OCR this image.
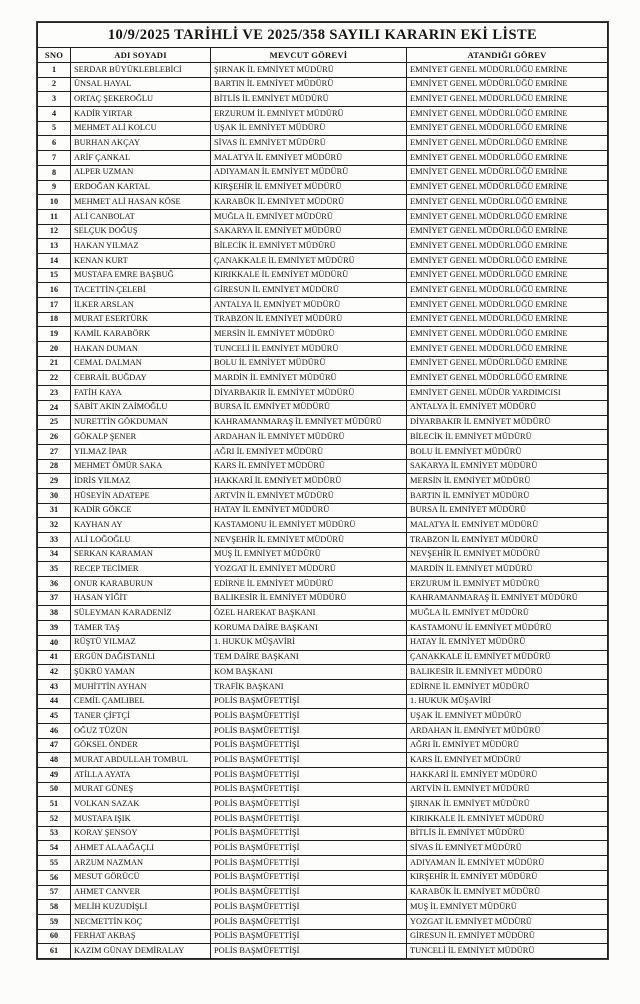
10/9/2025 TARİHLİ VE 2025/358 SAYILI KARARIN EKİ LİSTE			
SNO	ADI SOYADI	MEVCUT GÖREVİ	ATANDIĞI GÖREV
1	SERDAR BÜYÜKLEBLEBİCİ	ŞIRNAK İL EMNİYET MÜDÜRÜ	EMNİYET GENEL MÜDÜRLÜĞÜ EMRİNE
2	ÜNSAL HAYAL	BARTIN İL EMNİYET MÜDÜRÜ	EMNİYET GENEL MÜDÜRLÜĞÜ EMRİNE
3	ORTAÇ ŞEKEROĞLU	BİTLİS İL EMNİYET MÜDÜRÜ	EMNİYET GENEL MÜDÜRLÜĞÜ EMRİNE
4	KADİR YIRTAR	ERZURUM İL EMNİYET MÜDÜRÜ	EMNİYET GENEL MÜDÜRLÜĞÜ EMRİNE
5	MEHMET ALİ KOLCU	UŞAK İL EMNİYET MÜDÜRÜ	EMNİYET GENEL MÜDÜRLÜĞÜ EMRİNE
6	BURHAN AKÇAY	SİVAS İL EMNİYET MÜDÜRÜ	EMNİYET GENEL MÜDÜRLÜĞÜ EMRİNE
7	ARİF ÇANKAL	MALATYA İL EMNİYET MÜDÜRÜ	EMNİYET GENEL MÜDÜRLÜĞÜ EMRİNE
8	ALPER UZMAN	ADIYAMAN İL EMNİYET MÜDÜRÜ	EMNİYET GENEL MÜDÜRLÜĞÜ EMRİNE
9	ERDOĞAN KARTAL	KIRŞEHİR İL EMNİYET MÜDÜRÜ	EMNİYET GENEL MÜDÜRLÜĞÜ EMRİNE
10	MEHMET ALİ HASAN KÖSE	KARABÜK İL EMNİYET MÜDÜRÜ	EMNİYET GENEL MÜDÜRLÜĞÜ EMRİNE
11	ALİ CANBOLAT	MUĞLA İL EMNİYET MÜDÜRÜ	EMNİYET GENEL MÜDÜRLÜĞÜ EMRİNE
12	SELÇUK DOĞUŞ	SAKARYA İL EMNİYET MÜDÜRÜ	EMNİYET GENEL MÜDÜRLÜĞÜ EMRİNE
13	HAKAN YILMAZ	BİLECİK İL EMNİYET MÜDÜRÜ	EMNİYET GENEL MÜDÜRLÜĞÜ EMRİNE
14	KENAN KURT	ÇANAKKALE İL EMNİYET MÜDÜRÜ	EMNİYET GENEL MÜDÜRLÜĞÜ EMRİNE
15	MUSTAFA EMRE BAŞBUĞ	KIRIKKALE İL EMNİYET MÜDÜRÜ	EMNİYET GENEL MÜDÜRLÜĞÜ EMRİNE
16	TACETTİN ÇELEBİ	GİRESUN İL EMNİYET MÜDÜRÜ	EMNİYET GENEL MÜDÜRLÜĞÜ EMRİNE
17	İLKER ARSLAN	ANTALYA İL EMNİYET MÜDÜRÜ	EMNİYET GENEL MÜDÜRLÜĞÜ EMRİNE
18	MURAT ESERTÜRK	TRABZON İL EMNİYET MÜDÜRÜ	EMNİYET GENEL MÜDÜRLÜĞÜ EMRİNE
19	KAMİL KARABÖRK	MERSİN İL EMNİYET MÜDÜRÜ	EMNİYET GENEL MÜDÜRLÜĞÜ EMRİNE
20	HAKAN DUMAN	TUNCELİ İL EMNİYET MÜDÜRÜ	EMNİYET GENEL MÜDÜRLÜĞÜ EMRİNE
21	CEMAL DALMAN	BOLU İL EMNİYET MÜDÜRÜ	EMNİYET GENEL MÜDÜRLÜĞÜ EMRİNE
22	CEBRAİL BUĞDAY	MARDİN İL EMNİYET MÜDÜRÜ	EMNİYET GENEL MÜDÜRLÜĞÜ EMRİNE
23	FATİH KAYA	DİYARBAKIR İL EMNİYET MÜDÜRÜ	EMNİYET GENEL MÜDÜR YARDIMCISI
24	SABİT AKIN ZAİMOĞLU	BURSA İL EMNİYET MÜDÜRÜ	ANTALYA İL EMNİYET MÜDÜRÜ
25	NURETTİN GÖKDUMAN	KAHRAMANMARAŞ İL EMNİYET MÜDÜRÜ	DİYARBAKIR İL EMNİYET MÜDÜRÜ
26	GÖKALP ŞENER	ARDAHAN İL EMNİYET MÜDÜRÜ	BİLECİK İL EMNİYET MÜDÜRÜ
27	YILMAZ İPAR	AĞRI İL EMNİYET MÜDÜRÜ	BOLU İL EMNİYET MÜDÜRÜ
28	MEHMET ÖMÜR SAKA	KARS İL EMNİYET MÜDÜRÜ	SAKARYA İL EMNİYET MÜDÜRÜ
29	İDRİS YILMAZ	HAKKARİ İL EMNİYET MÜDÜRÜ	MERSİN İL EMNİYET MÜDÜRÜ
30	HÜSEYİN ADATEPE	ARTVİN İL EMNİYET MÜDÜRÜ	BARTIN İL EMNİYET MÜDÜRÜ
31	KADİR GÖKCE	HATAY İL EMNİYET MÜDÜRÜ	BURSA İL EMNİYET MÜDÜRÜ
32	KAYHAN AY	KASTAMONU İL EMNİYET MÜDÜRÜ	MALATYA İL EMNİYET MÜDÜRÜ
33	ALİ LOĞOĞLU	NEVŞEHİR İL EMNİYET MÜDÜRÜ	TRABZON İL EMNİYET MÜDÜRÜ
34	SERKAN KARAMAN	MUŞ İL EMNİYET MÜDÜRÜ	NEVŞEHİR İL EMNİYET MÜDÜRÜ
35	RECEP TECİMER	YOZGAT İL EMNİYET MÜDÜRÜ	MARDİN İL EMNİYET MÜDÜRÜ
36	ONUR KARABURUN	EDİRNE İL EMNİYET MÜDÜRÜ	ERZURUM İL EMNİYET MÜDÜRÜ
37	HASAN YİĞİT	BALIKESİR İL EMNİYET MÜDÜRÜ	KAHRAMANMARAŞ İL EMNİYET MÜDÜRÜ
38	SÜLEYMAN KARADENİZ	ÖZEL HAREKAT BAŞKANI	MUĞLA İL EMNİYET MÜDÜRÜ
39	TAMER TAŞ	KORUMA DAİRE BAŞKANI	KASTAMONU İL EMNİYET MÜDÜRÜ
40	RÜŞTÜ YILMAZ	1. HUKUK MÜŞAVİRİ	HATAY İL EMNİYET MÜDÜRÜ
41	ERGÜN DAĞISTANLI	TEM DAİRE BAŞKANI	ÇANAKKALE İL EMNİYET MÜDÜRÜ
42	ŞÜKRÜ YAMAN	KOM BAŞKANI	BALIKESİR İL EMNİYET MÜDÜRÜ
43	MUHİTTİN AYHAN	TRAFİK BAŞKANI	EDİRNE İL EMNİYET MÜDÜRÜ
44	CEMİL ÇAMLIBEL	POLİS BAŞMÜFETTİŞİ	1. HUKUK MÜŞAVİRİ
45	TANER ÇİFTÇİ	POLİS BAŞMÜFETTİŞİ	UŞAK İL EMNİYET MÜDÜRÜ
46	OĞUZ TÜZÜN	POLİS BAŞMÜFETTİŞİ	ARDAHAN İL EMNİYET MÜDÜRÜ
47	GÖKSEL ÖNDER	POLİS BAŞMÜFETTİŞİ	AĞRI İL EMNİYET MÜDÜRÜ
48	MURAT ABDULLAH TOMBUL	POLİS BAŞMÜFETTİŞİ	KARS İL EMNİYET MÜDÜRÜ
49	ATİLLA AYATA	POLİS BAŞMÜFETTİŞİ	HAKKARİ İL EMNİYET MÜDÜRÜ
50	MURAT GÜNEŞ	POLİS BAŞMÜFETTİŞİ	ARTVİN İL EMNİYET MÜDÜRÜ
51	VOLKAN SAZAK	POLİS BAŞMÜFETTİŞİ	ŞIRNAK İL EMNİYET MÜDÜRÜ
52	MUSTAFA IŞIK	POLİS BAŞMÜFETTİŞİ	KIRIKKALE İL EMNİYET MÜDÜRÜ
53	KORAY ŞENSOY	POLİS BAŞMÜFETTİŞİ	BİTLİS İL EMNİYET MÜDÜRÜ
54	AHMET ALAAĞAÇLI	POLİS BAŞMÜFETTİŞİ	SİVAS İL EMNİYET MÜDÜRÜ
55	ARZUM NAZMAN	POLİS BAŞMÜFETTİŞİ	ADIYAMAN İL EMNİYET MÜDÜRÜ
56	MESUT GÖRÜCÜ	POLİS BAŞMÜFETTİŞİ	KIRŞEHİR İL EMNİYET MÜDÜRÜ
57	AHMET CANVER	POLİS BAŞMÜFETTİŞİ	KARABÜK İL EMNİYET MÜDÜRÜ
58	MELİH KUZUDİŞLİ	POLİS BAŞMÜFETTİŞİ	MUŞ İL EMNİYET MÜDÜRÜ
59	NECMETTİN KOÇ	POLİS BAŞMÜFETTİŞİ	YOZGAT İL EMNİYET MÜDÜRÜ
60	FERHAT AKBAŞ	POLİS BAŞMÜFETTİŞİ	GİRESUN İL EMNİYET MÜDÜRÜ
61	KAZIM GÜNAY DEMİRALAY	POLİS BAŞMÜFETTİŞİ	TUNCELİ İL EMNİYET MÜDÜRÜ
